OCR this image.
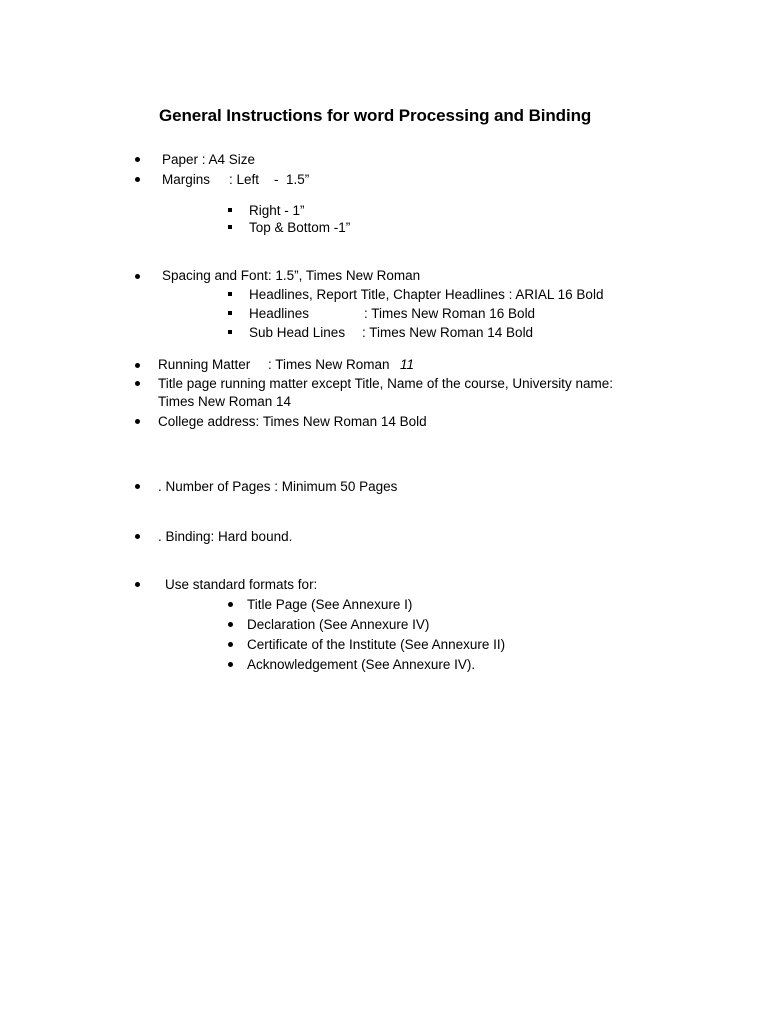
General Instructions for word Processing and Binding
Paper : A4 Size
Margins : Left    -  1.5”
Right - 1”
Top & Bottom -1”
Spacing and Font: 1.5”, Times New Roman
Headlines, Report Title, Chapter Headlines : ARIAL 16 Bold
Headlines	: Times New Roman 16 Bold
Sub Head Lines : Times New Roman 14 Bold
Running Matter : Times New Roman 11
Title page running matter except Title, Name of the course, University name:
Times New Roman 14
College address: Times New Roman 14 Bold
. Number of Pages : Minimum 50 Pages
. Binding: Hard bound.
Use standard formats for:
Title Page (See Annexure I)
Declaration (See Annexure IV)
Certificate of the Institute (See Annexure II)
Acknowledgement (See Annexure IV).
